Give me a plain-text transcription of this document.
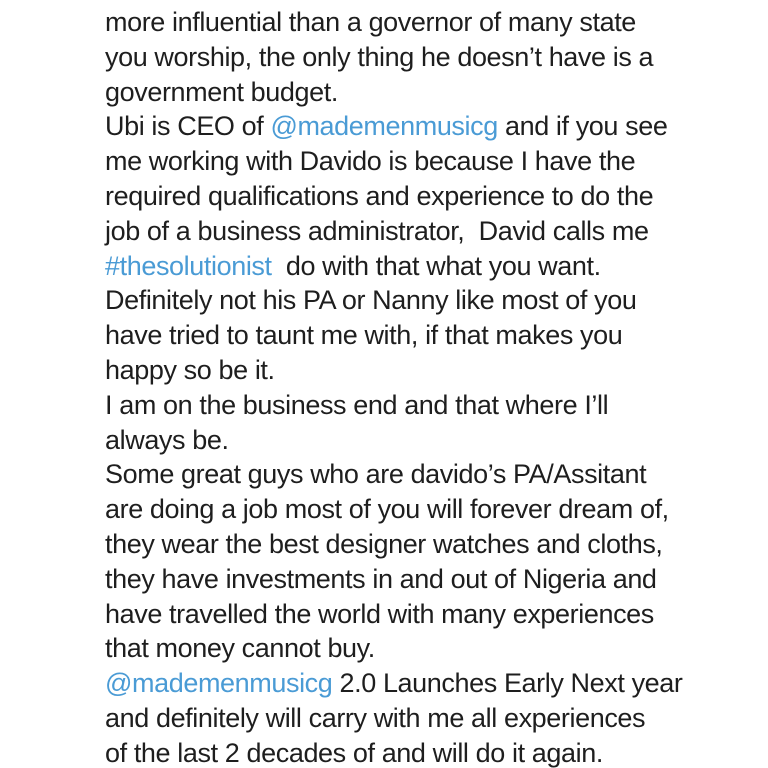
more influential than a governor of many state
you worship, the only thing he doesn’t have is a
government budget.
Ubi is CEO of @mademenmusicg and if you see
me working with Davido is because I have the
required qualifications and experience to do the
job of a business administrator,  David calls me
#thesolutionist  do with that what you want.
Definitely not his PA or Nanny like most of you
have tried to taunt me with, if that makes you
happy so be it.
I am on the business end and that where I’ll
always be.
Some great guys who are davido’s PA/Assitant
are doing a job most of you will forever dream of,
they wear the best designer watches and cloths,
they have investments in and out of Nigeria and
have travelled the world with many experiences
that money cannot buy.
@mademenmusicg 2.0 Launches Early Next year
and definitely will carry with me all experiences
of the last 2 decades of and will do it again.
